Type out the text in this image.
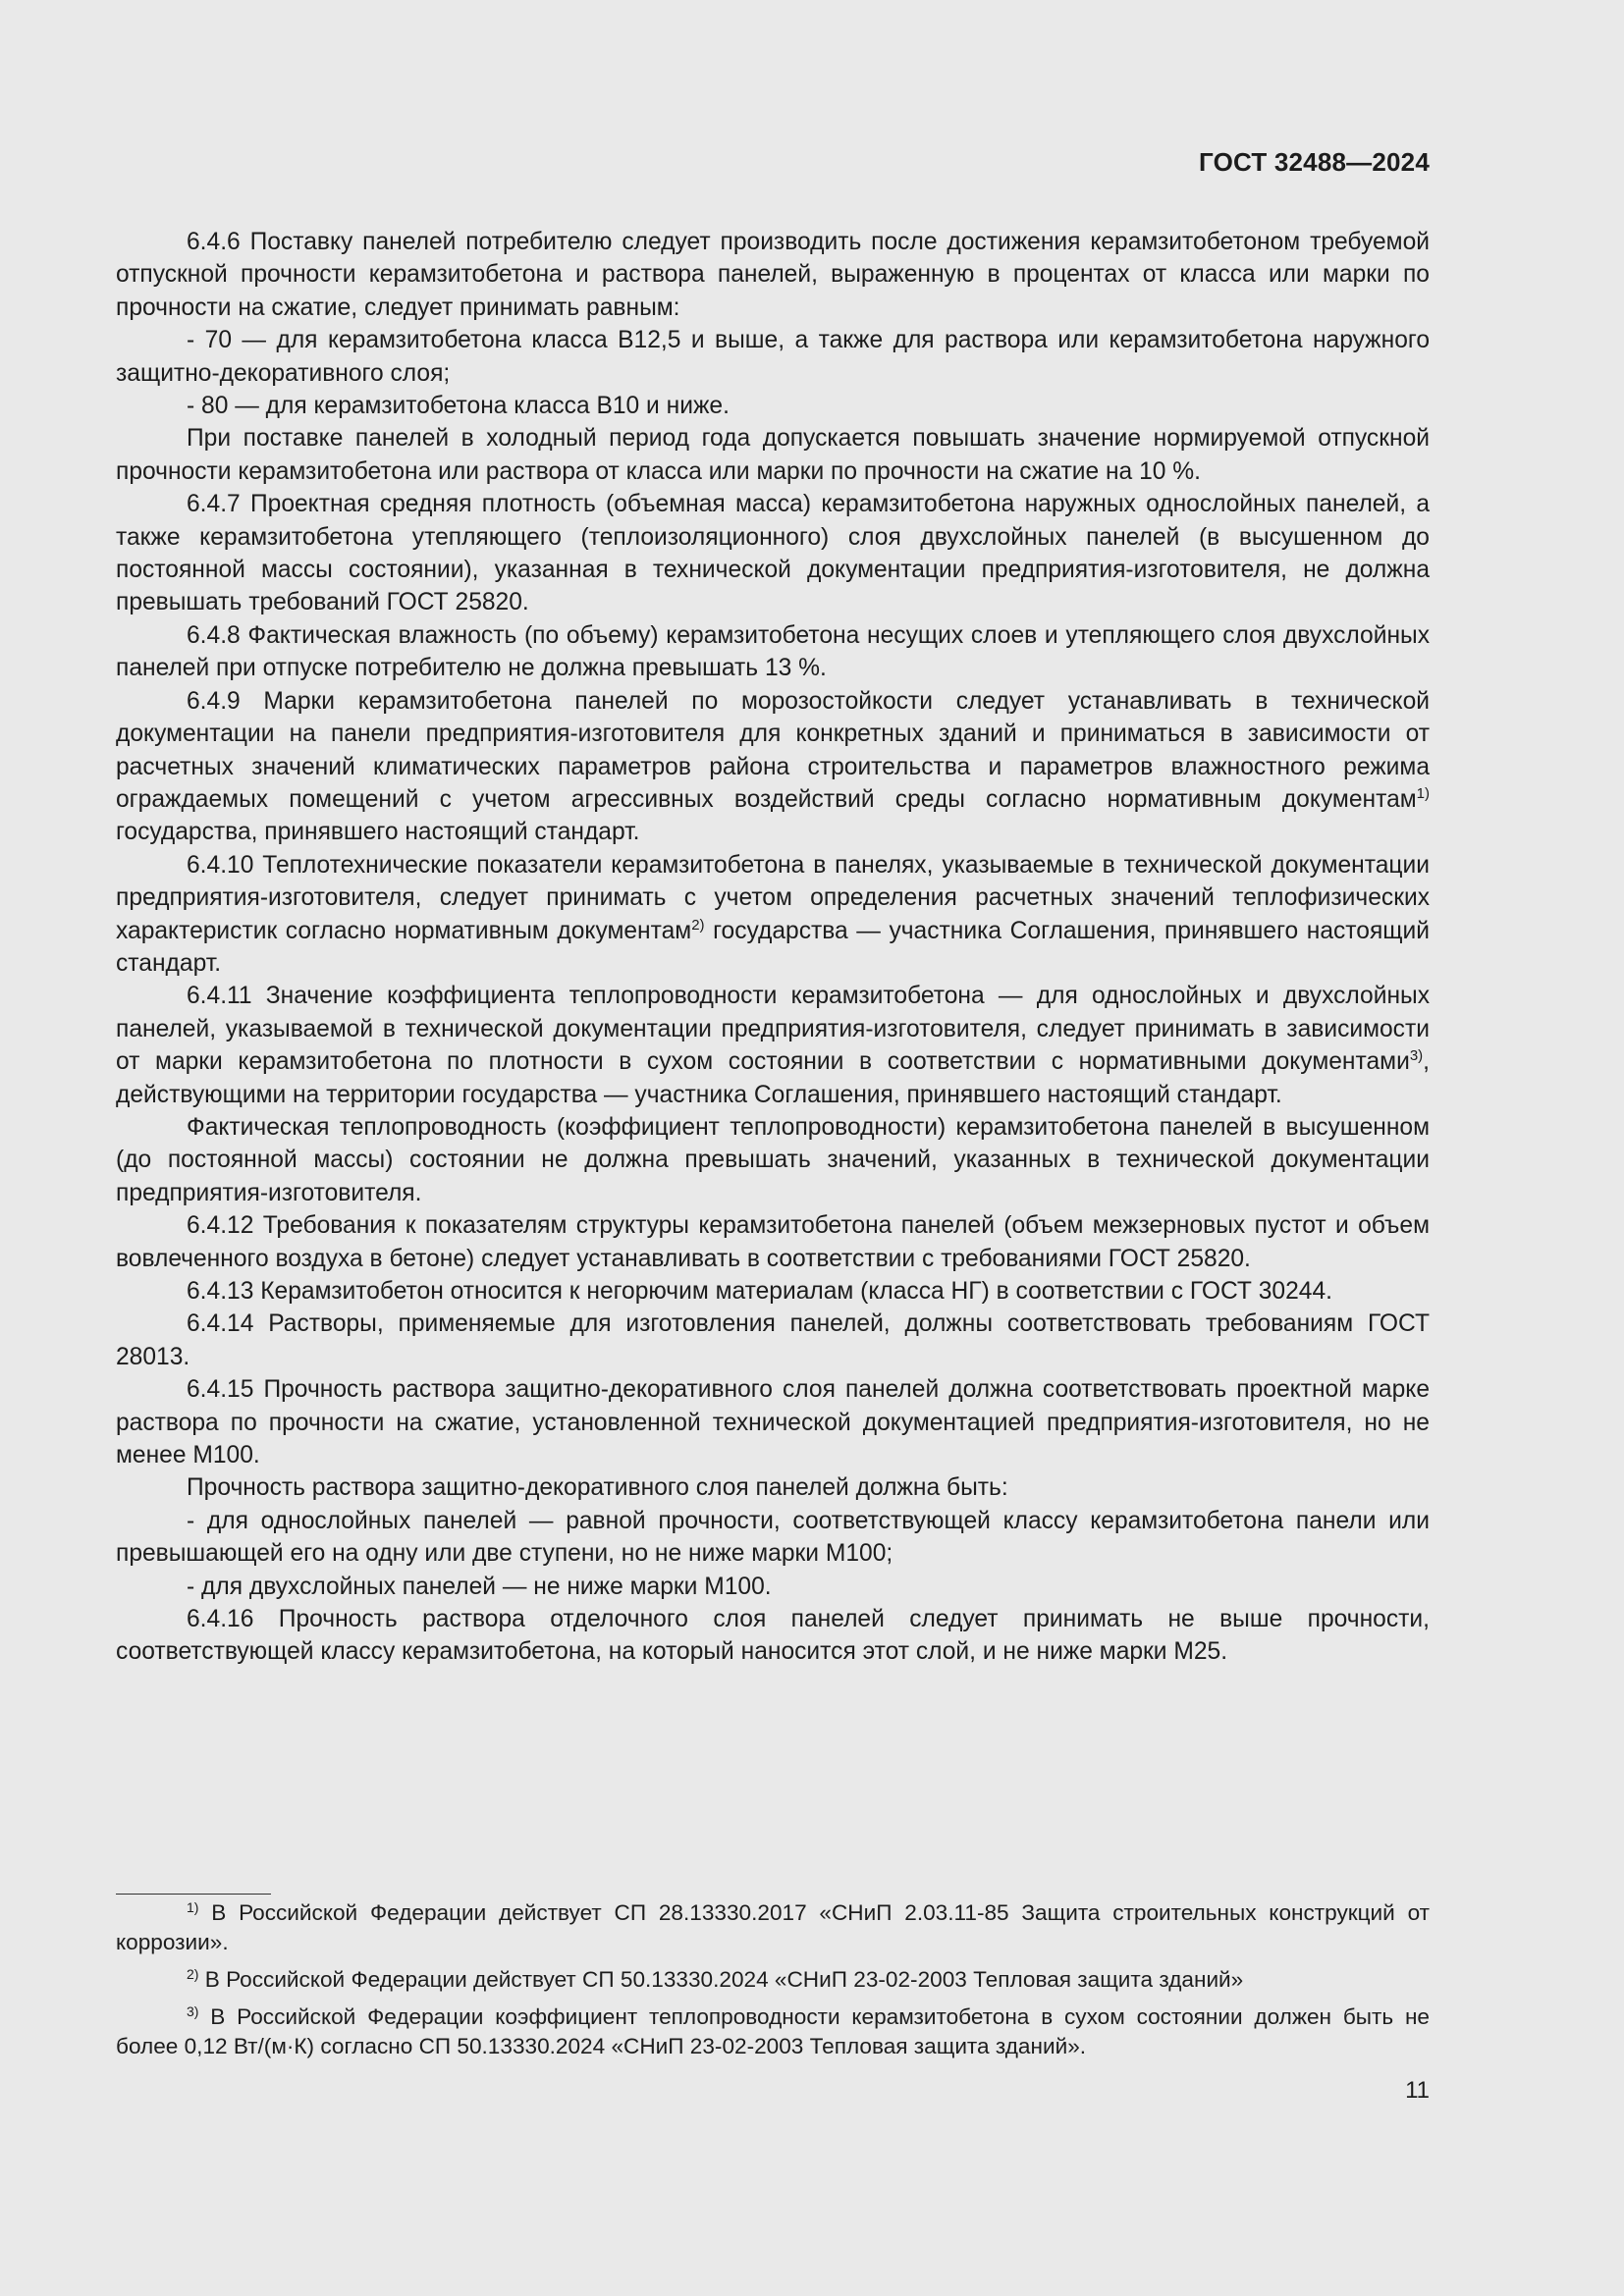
ГОСТ 32488—2024

6.4.6 Поставку панелей потребителю следует производить после достижения керамзитобетоном требуемой отпускной прочности керамзитобетона и раствора панелей, выраженную в процентах от класса или марки по прочности на сжатие, следует принимать равным:

- 70 — для керамзитобетона класса В12,5 и выше, а также для раствора или керамзитобетона наружного защитно-декоративного слоя;

- 80 — для керамзитобетона класса В10 и ниже.

При поставке панелей в холодный период года допускается повышать значение нормируемой отпускной прочности керамзитобетона или раствора от класса или марки по прочности на сжатие на 10 %.

6.4.7 Проектная средняя плотность (объемная масса) керамзитобетона наружных однослойных панелей, а также керамзитобетона утепляющего (теплоизоляционного) слоя двухслойных панелей (в высушенном до постоянной массы состоянии), указанная в технической документации предприятия-изготовителя, не должна превышать требований ГОСТ 25820.

6.4.8 Фактическая влажность (по объему) керамзитобетона несущих слоев и утепляющего слоя двухслойных панелей при отпуске потребителю не должна превышать 13 %.

6.4.9 Марки керамзитобетона панелей по морозостойкости следует устанавливать в технической документации на панели предприятия-изготовителя для конкретных зданий и приниматься в зависимости от расчетных значений климатических параметров района строительства и параметров влажностного режима ограждаемых помещений с учетом агрессивных воздействий среды согласно нормативным документам$^{1)}$ государства, принявшего настоящий стандарт.

6.4.10 Теплотехнические показатели керамзитобетона в панелях, указываемые в технической документации предприятия-изготовителя, следует принимать с учетом определения расчетных значений теплофизических характеристик согласно нормативным документам$^{2)}$ государства — участника Соглашения, принявшего настоящий стандарт.

6.4.11 Значение коэффициента теплопроводности керамзитобетона — для однослойных и двухслойных панелей, указываемой в технической документации предприятия-изготовителя, следует принимать в зависимости от марки керамзитобетона по плотности в сухом состоянии в соответствии с нормативными документами$^{3)}$, действующими на территории государства — участника Соглашения, принявшего настоящий стандарт.

Фактическая теплопроводность (коэффициент теплопроводности) керамзитобетона панелей в высушенном (до постоянной массы) состоянии не должна превышать значений, указанных в технической документации предприятия-изготовителя.

6.4.12 Требования к показателям структуры керамзитобетона панелей (объем межзерновых пустот и объем вовлеченного воздуха в бетоне) следует устанавливать в соответствии с требованиями ГОСТ 25820.

6.4.13 Керамзитобетон относится к негорючим материалам (класса НГ) в соответствии с ГОСТ 30244.

6.4.14 Растворы, применяемые для изготовления панелей, должны соответствовать требованиям ГОСТ 28013.

6.4.15 Прочность раствора защитно-декоративного слоя панелей должна соответствовать проектной марке раствора по прочности на сжатие, установленной технической документацией предприятия-изготовителя, но не менее М100.

Прочность раствора защитно-декоративного слоя панелей должна быть:

- для однослойных панелей — равной прочности, соответствующей классу керамзитобетона панели или превышающей его на одну или две ступени, но не ниже марки М100;

- для двухслойных панелей — не ниже марки М100.

6.4.16 Прочность раствора отделочного слоя панелей следует принимать не выше прочности, соответствующей классу керамзитобетона, на который наносится этот слой, и не ниже марки М25.

$^{1)}$ В Российской Федерации действует СП 28.13330.2017 «СНиП 2.03.11-85 Защита строительных конструкций от коррозии».

$^{2)}$ В Российской Федерации действует СП 50.13330.2024 «СНиП 23-02-2003 Тепловая защита зданий»

$^{3)}$ В Российской Федерации коэффициент теплопроводности керамзитобетона в сухом состоянии должен быть не более 0,12 Вт/(м·К) согласно СП 50.13330.2024 «СНиП 23-02-2003 Тепловая защита зданий».

11
